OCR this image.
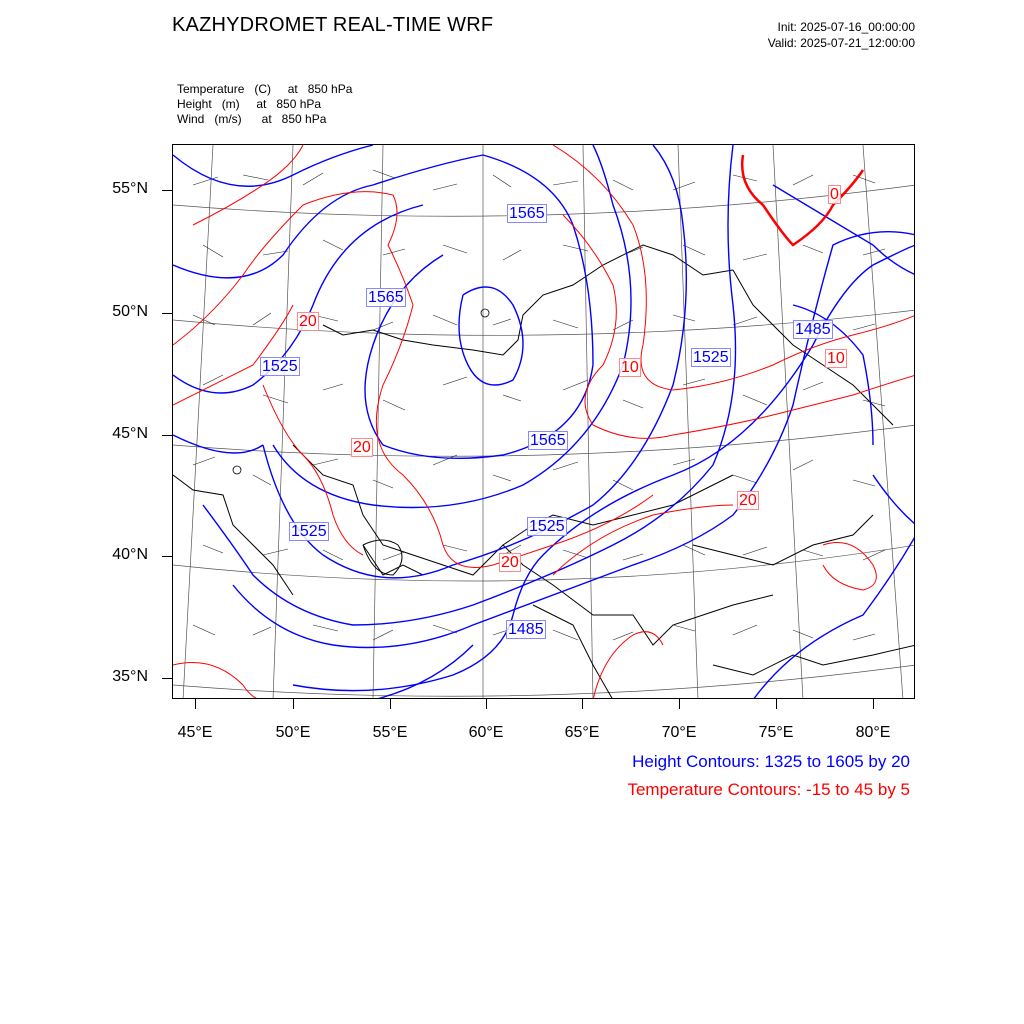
KAZHYDROMET REAL-TIME WRF	Init: 2025-07-16_00:00:00
Valid: 2025-07-21_12:00:00
Temperature   (C)     at   850 hPa
Height   (m)     at   850 hPa
Wind   (m/s)      at   850 hPa
1565
1565
1525
1525
1565
1525	1525
1485
1485
20
20
10
20
20
10
0
55°N
50°N
45°N
40°N
35°N
45°E	50°E	55°E	60°E	65°E	70°E	75°E	80°E
Height Contours: 1325 to 1605 by 20
Temperature Contours: -15 to 45 by 5
